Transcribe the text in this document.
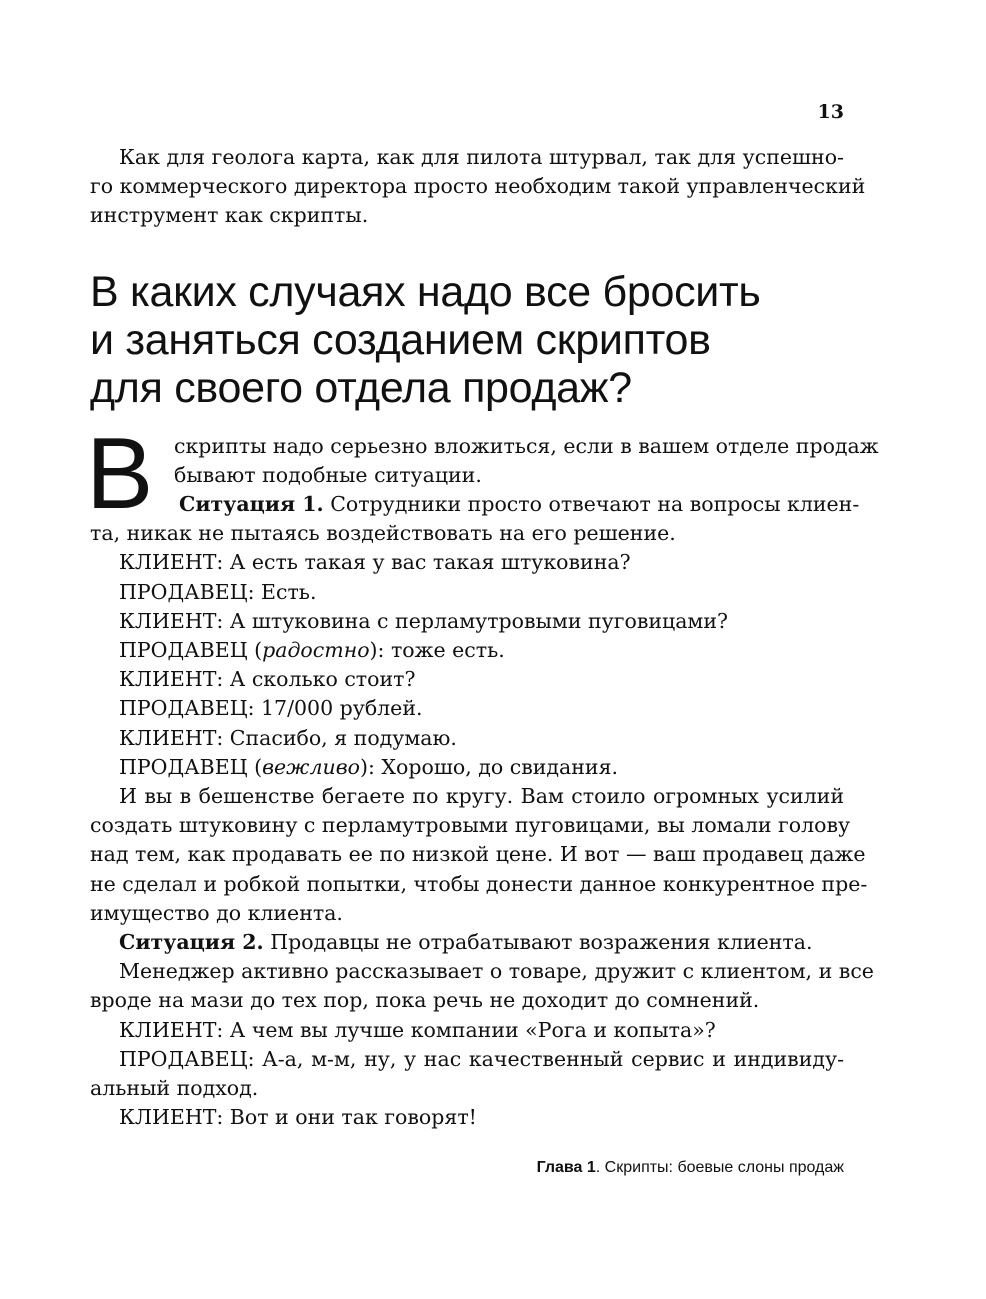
13
Как для геолога карта, как для пилота штурвал, так для успешно-
го коммерческого директора просто необходим такой управленческий
инструмент как скрипты.
В каких случаях надо все бросить
и заняться созданием скриптов
для своего отдела продаж?
В скрипты надо серьезно вложиться, если в вашем отделе продаж
бывают подобные ситуации.
Ситуация 1. Сотрудники просто отвечают на вопросы клиен-
та, никак не пытаясь воздействовать на его решение.
КЛИЕНТ: А есть такая у вас такая штуковина?
ПРОДАВЕЦ: Есть.
КЛИЕНТ: А штуковина с перламутровыми пуговицами?
ПРОДАВЕЦ (радостно): тоже есть.
КЛИЕНТ: А сколько стоит?
ПРОДАВЕЦ: 17/000 рублей.
КЛИЕНТ: Спасибо, я подумаю.
ПРОДАВЕЦ (вежливо): Хорошо, до свидания.
И вы в бешенстве бегаете по кругу. Вам стоило огромных усилий
создать штуковину с перламутровыми пуговицами, вы ломали голову
над тем, как продавать ее по низкой цене. И вот — ваш продавец даже
не сделал и робкой попытки, чтобы донести данное конкурентное пре-
имущество до клиента.
Ситуация 2. Продавцы не отрабатывают возражения клиента.
Менеджер активно рассказывает о товаре, дружит с клиентом, и все
вроде на мази до тех пор, пока речь не доходит до сомнений.
КЛИЕНТ: А чем вы лучше компании «Рога и копыта»?
ПРОДАВЕЦ: А-а, м-м, ну, у нас качественный сервис и индивиду-
альный подход.
КЛИЕНТ: Вот и они так говорят!
Глава 1. Скрипты: боевые слоны продаж
